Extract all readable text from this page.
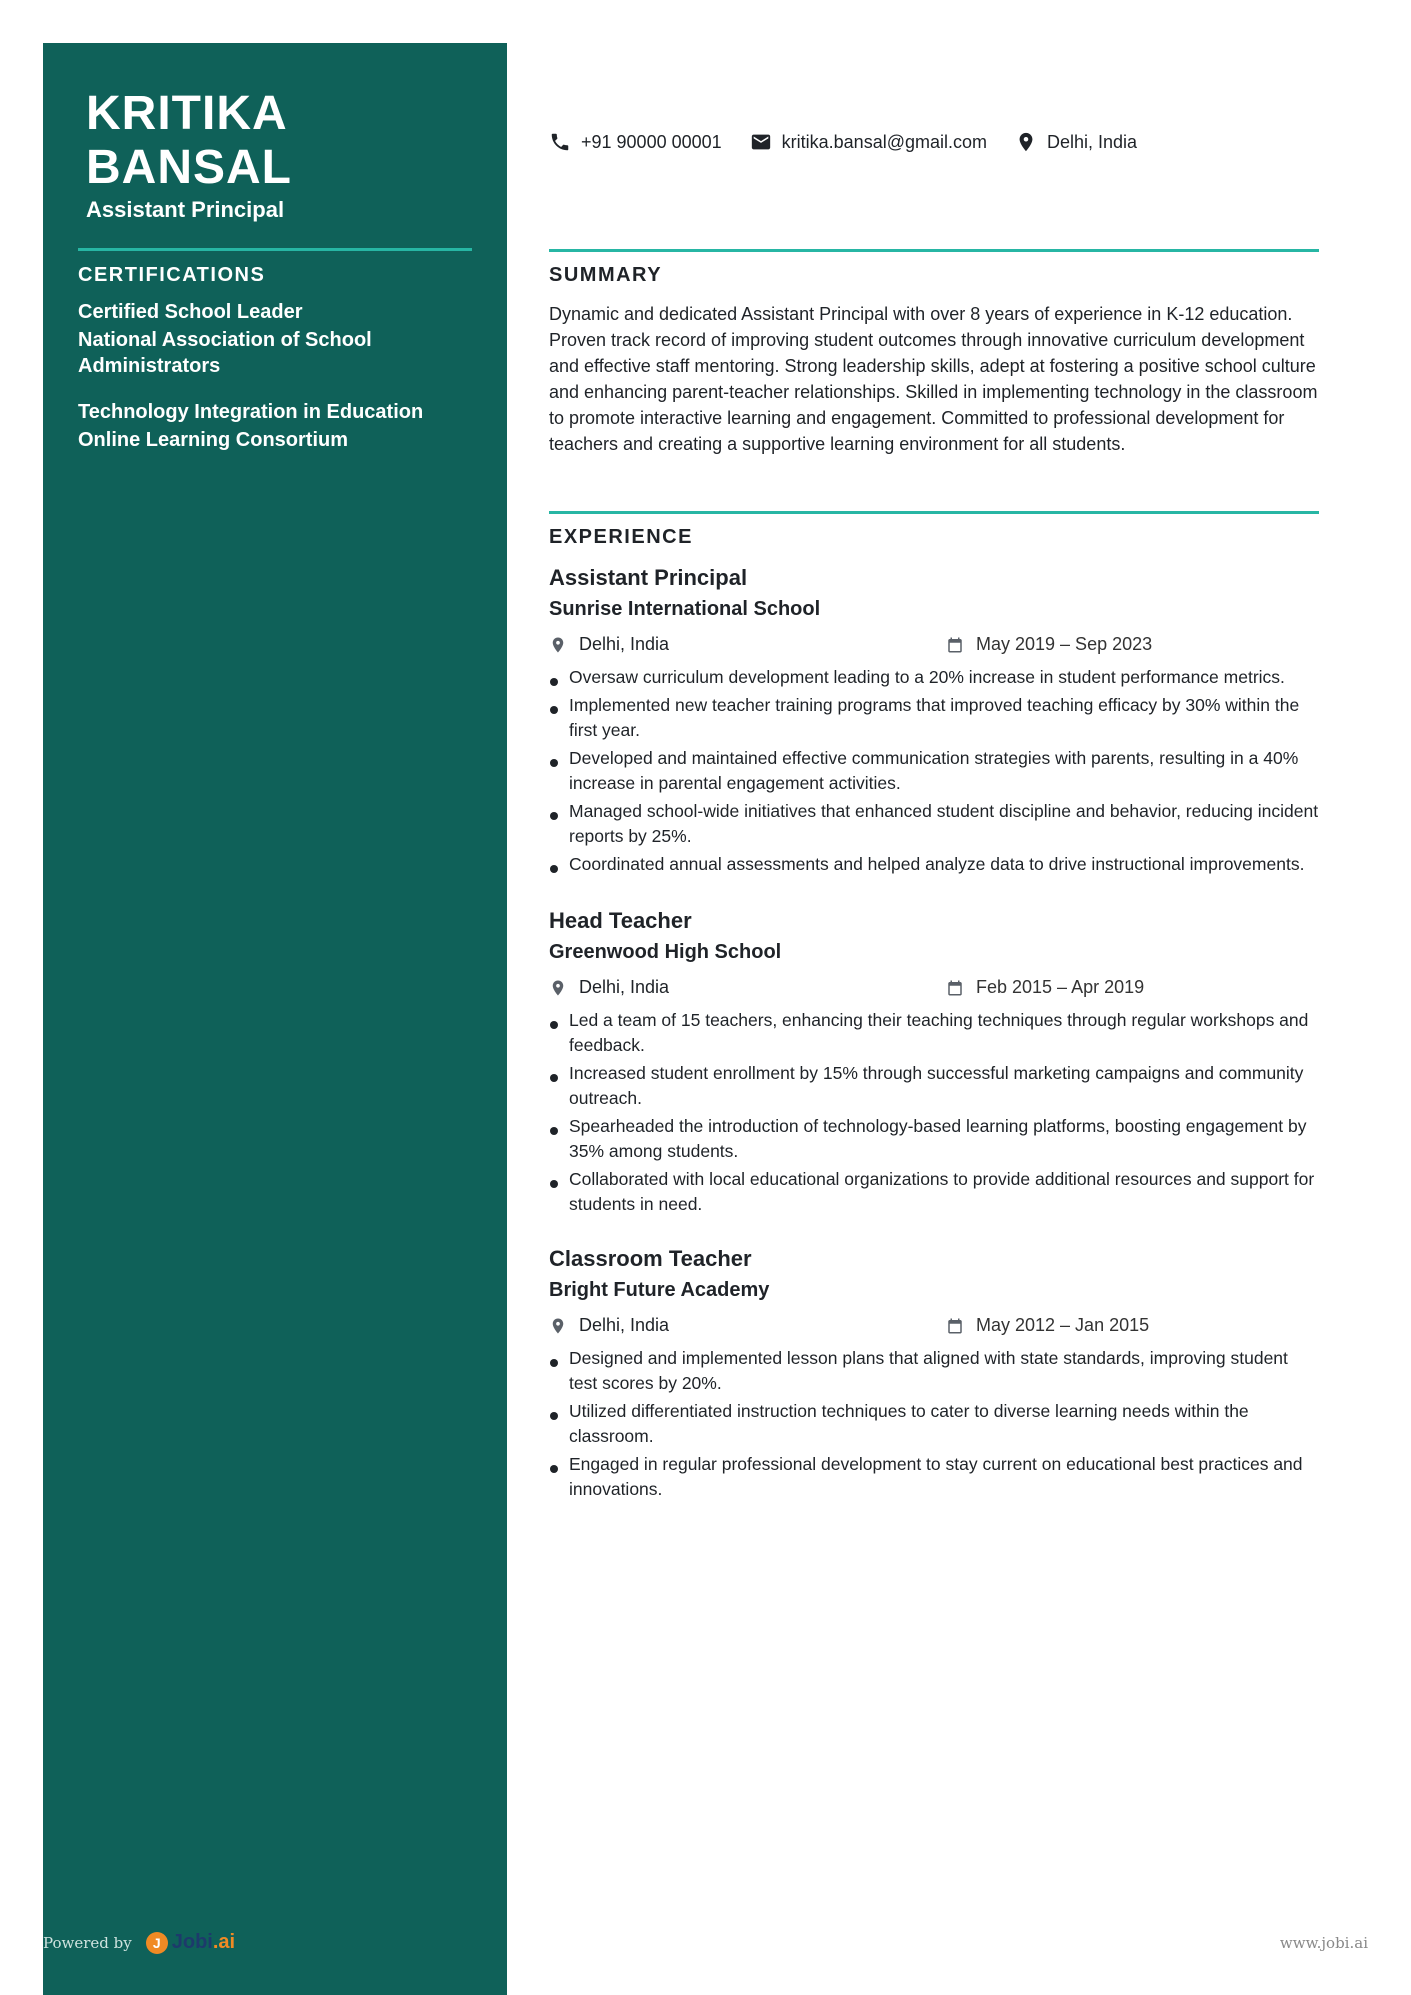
KRITIKA
BANSAL
Assistant Principal
CERTIFICATIONS
Certified School Leader
National Association of School Administrators
Technology Integration in Education
Online Learning Consortium
+91 90000 00001	kritika.bansal@gmail.com	Delhi, India
SUMMARY

Dynamic and dedicated Assistant Principal with over 8 years of experience in K-12 education. Proven track record of improving student outcomes through innovative curriculum development and effective staff mentoring. Strong leadership skills, adept at fostering a positive school culture and enhancing parent-teacher relationships. Skilled in implementing technology in the classroom to promote interactive learning and engagement. Committed to professional development for teachers and creating a supportive learning environment for all students.

EXPERIENCE
Assistant Principal
Sunrise International School
Delhi, India	May 2019 – Sep 2023
Oversaw curriculum development leading to a 20% increase in student performance metrics.
Implemented new teacher training programs that improved teaching efficacy by 30% within the first year.
Developed and maintained effective communication strategies with parents, resulting in a 40% increase in parental engagement activities.
Managed school-wide initiatives that enhanced student discipline and behavior, reducing incident reports by 25%.
Coordinated annual assessments and helped analyze data to drive instructional improvements.
Head Teacher
Greenwood High School
Delhi, India	Feb 2015 – Apr 2019
Led a team of 15 teachers, enhancing their teaching techniques through regular workshops and feedback.
Increased student enrollment by 15% through successful marketing campaigns and community outreach.
Spearheaded the introduction of technology-based learning platforms, boosting engagement by 35% among students.
Collaborated with local educational organizations to provide additional resources and support for students in need.
Classroom Teacher
Bright Future Academy
Delhi, India	May 2012 – Jan 2015
Designed and implemented lesson plans that aligned with state standards, improving student test scores by 20%.
Utilized differentiated instruction techniques to cater to diverse learning needs within the classroom.
Engaged in regular professional development to stay current on educational best practices and innovations.
Powered by	J Jobi .ai	www.jobi.ai
